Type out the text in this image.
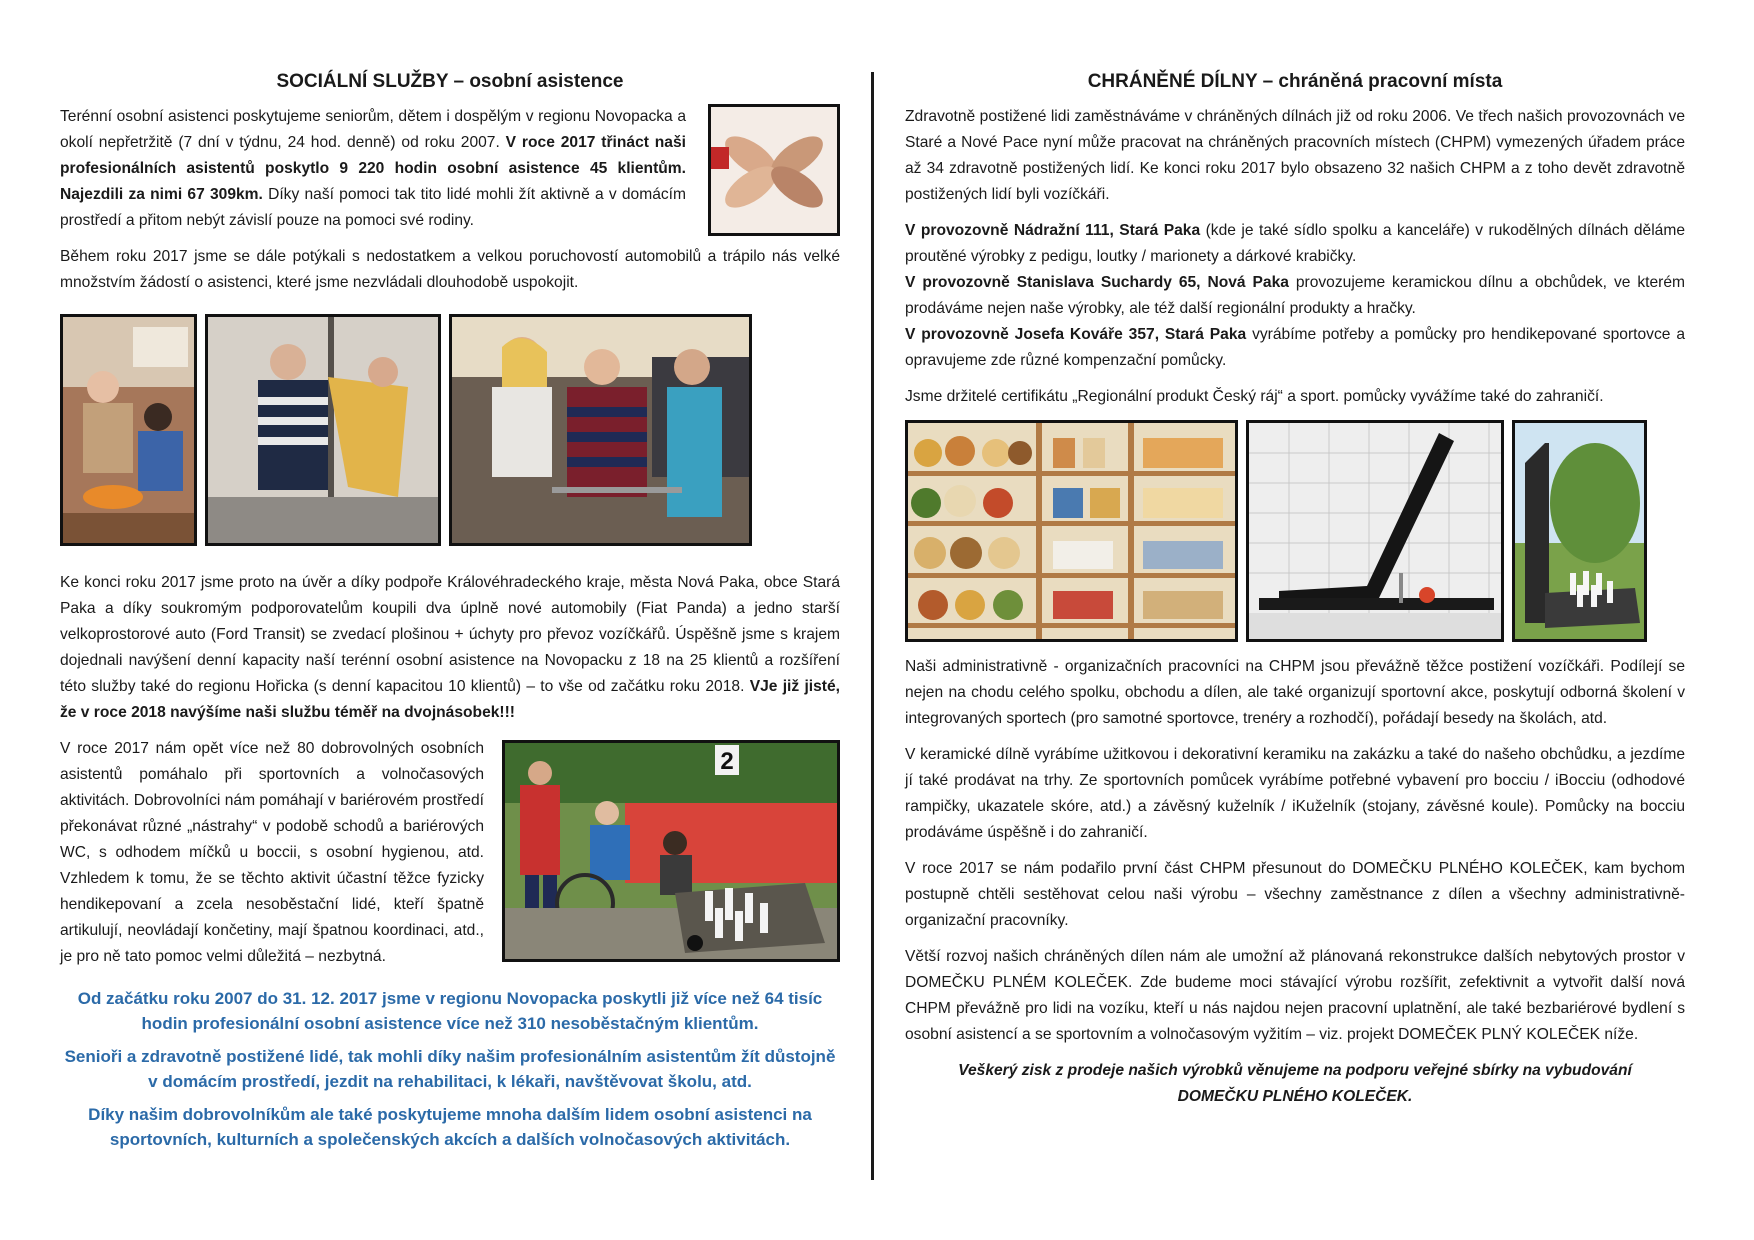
SOCIÁLNÍ SLUŽBY – osobní asistence

Terénní osobní asistenci poskytujeme seniorům, dětem i dospělým v regionu Novopacka a okolí nepřetržitě (7 dní v týdnu, 24 hod. denně) od roku 2007. V roce 2017 třináct naši profesionálních asistentů poskytlo 9 220 hodin osobní asistence 45 klientům. Najezdili za nimi 67 309km. Díky naší pomoci tak tito lidé mohli žít aktivně a v domácím prostředí a přitom nebýt závislí pouze na pomoci své rodiny.

Během roku 2017 jsme se dále potýkali s nedostatkem a velkou poruchovostí automobilů a trápilo nás velké množstvím žádostí o asistenci, které jsme nezvládali dlouhodobě uspokojit.

Ke konci roku 2017 jsme proto na úvěr a díky podpoře Královéhradeckého kraje, města Nová Paka, obce Stará Paka a díky soukromým podporovatelům koupili dva úplně nové automobily (Fiat Panda) a jedno starší velkoprostorové auto (Ford Transit) se zvedací plošinou + úchyty pro převoz vozíčkářů. Úspěšně jsme s krajem dojednali navýšení denní kapacity naší terénní osobní asistence na Novopacku z 18 na 25 klientů a rozšíření této služby také do regionu Hořicka (s denní kapacitou 10 klientů) – to vše od začátku roku 2018. VJe již jisté, že v roce 2018 navýšíme naši službu téměř na dvojnásobek!!!

2

V roce 2017 nám opět více než 80 dobrovolných osobních asistentů pomáhalo při sportovních a volnočasových aktivitách. Dobrovolníci nám pomáhají v bariérovém prostředí překonávat různé „nástrahy“ v podobě schodů a bariérových WC, s odhodem míčků u boccii, s osobní hygienou, atd. Vzhledem k tomu, že se těchto aktivit účastní těžce fyzicky hendikepovaní a zcela nesoběstační lidé, kteří špatně artikulují, neovládají končetiny, mají špatnou koordinaci, atd., je pro ně tato pomoc velmi důležitá – nezbytná.

Od začátku roku 2007 do 31. 12. 2017 jsme v regionu Novopacka poskytli již více než 64 tisíc hodin profesionální osobní asistence více než 310 nesoběstačným klientům.

Senioři a zdravotně postižené lidé, tak mohli díky našim profesionálním asistentům žít důstojně v domácím prostředí, jezdit na rehabilitaci, k lékaři, navštěvovat školu, atd.

Díky našim dobrovolníkům ale také poskytujeme mnoha dalším lidem osobní asistenci na sportovních, kulturních a společenských akcích a dalších volnočasových aktivitách.

CHRÁNĚNÉ DÍLNY – chráněná pracovní místa

Zdravotně postižené lidi zaměstnáváme v chráněných dílnách již od roku 2006. Ve třech našich provozovnách ve Staré a Nové Pace nyní může pracovat na chráněných pracovních místech (CHPM) vymezených úřadem práce až 34 zdravotně postižených lidí. Ke konci roku 2017 bylo obsazeno 32 našich CHPM a z toho devět zdravotně postižených lidí byli vozíčkáři.

V provozovně Nádražní 111, Stará Paka (kde je také sídlo spolku a kanceláře) v rukodělných dílnách děláme proutěné výrobky z pedigu, loutky / marionety a dárkové krabičky.

V provozovně Stanislava Suchardy 65, Nová Paka provozujeme keramickou dílnu a obchůdek, ve kterém prodáváme nejen naše výrobky, ale též další regionální produkty a hračky.

V provozovně Josefa Kováře 357, Stará Paka vyrábíme potřeby a pomůcky pro hendikepované sportovce a opravujeme zde různé kompenzační pomůcky.

Jsme držitelé certifikátu „Regionální produkt Český ráj“ a sport. pomůcky vyvážíme také do zahraničí.

Naši administrativně - organizačních pracovníci na CHPM jsou převážně těžce postižení vozíčkáři. Podílejí se nejen na chodu celého spolku, obchodu a dílen, ale také organizují sportovní akce, poskytují odborná školení v integrovaných sportech (pro samotné sportovce, trenéry a rozhodčí), pořádají besedy na školách, atd.

V keramické dílně vyrábíme užitkovou i dekorativní keramiku na zakázku a také do našeho obchůdku, a jezdíme jí také prodávat na trhy. Ze sportovních pomůcek vyrábíme potřebné vybavení pro bocciu / iBocciu (odhodové rampičky, ukazatele skóre, atd.) a závěsný kuželník / iKuželník (stojany, závěsné koule). Pomůcky na bocciu prodáváme úspěšně i do zahraničí.

V roce 2017 se nám podařilo první část CHPM přesunout do DOMEČKU PLNÉHO KOLEČEK, kam bychom postupně chtěli sestěhovat celou naši výrobu – všechny zaměstnance z dílen a všechny administrativně-organizační pracovníky.

Větší rozvoj našich chráněných dílen nám ale umožní až plánovaná rekonstrukce dalších nebytových prostor v DOMEČKU PLNÉM KOLEČEK. Zde budeme moci stávající výrobu rozšířit, zefektivnit a vytvořit další nová CHPM převážně pro lidi na vozíku, kteří u nás najdou nejen pracovní uplatnění, ale také bezbariérové bydlení s osobní asistencí a se sportovním a volnočasovým vyžitím – viz. projekt DOMEČEK PLNÝ KOLEČEK níže.

Veškerý zisk z prodeje našich výrobků věnujeme na podporu veřejné sbírky na vybudování
DOMEČKU PLNÉHO KOLEČEK.
